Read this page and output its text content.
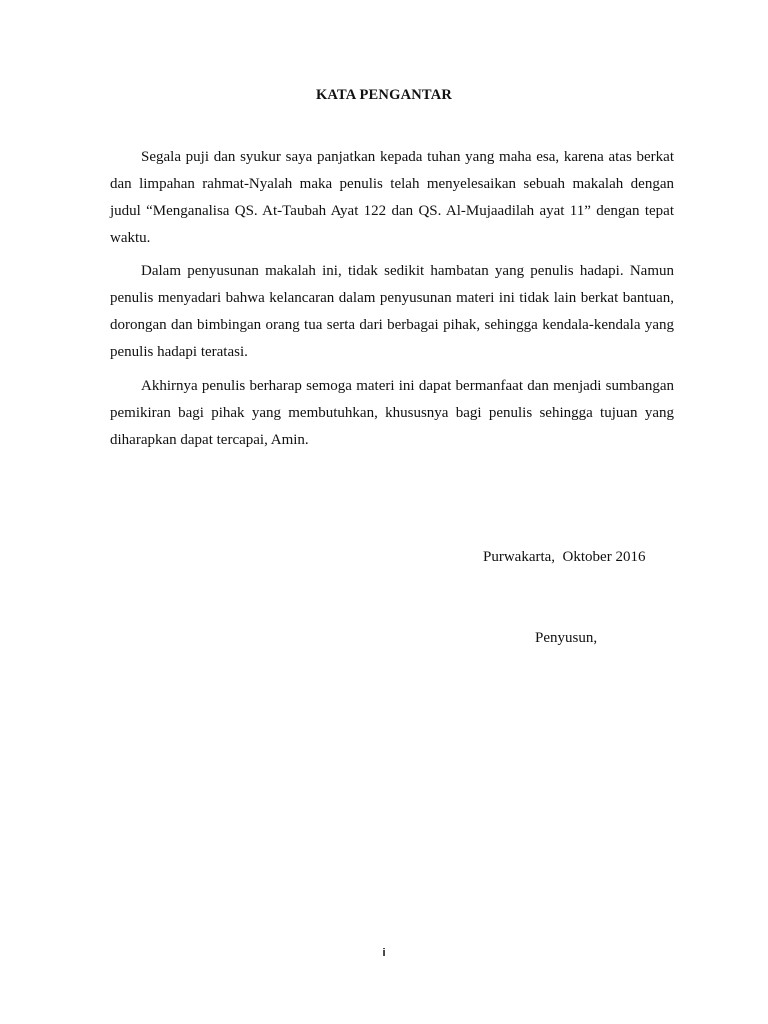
KATA PENGANTAR

Segala puji dan syukur saya panjatkan kepada tuhan yang maha esa, karena atas berkat dan limpahan rahmat-Nyalah maka penulis telah menyelesaikan sebuah makalah dengan judul “Menganalisa QS. At-Taubah Ayat 122 dan QS. Al-Mujaadilah ayat 11” dengan tepat waktu.

Dalam penyusunan makalah ini, tidak sedikit hambatan yang penulis hadapi. Namun penulis menyadari bahwa kelancaran dalam penyusunan materi ini tidak lain berkat bantuan, dorongan dan bimbingan orang tua serta dari berbagai pihak, sehingga kendala-kendala yang penulis hadapi teratasi.

Akhirnya penulis berharap semoga materi ini dapat bermanfaat dan menjadi sumbangan pemikiran bagi pihak yang membutuhkan, khususnya bagi penulis sehingga tujuan yang diharapkan dapat tercapai, Amin.

Purwakarta,  Oktober 2016
Penyusun,
i
